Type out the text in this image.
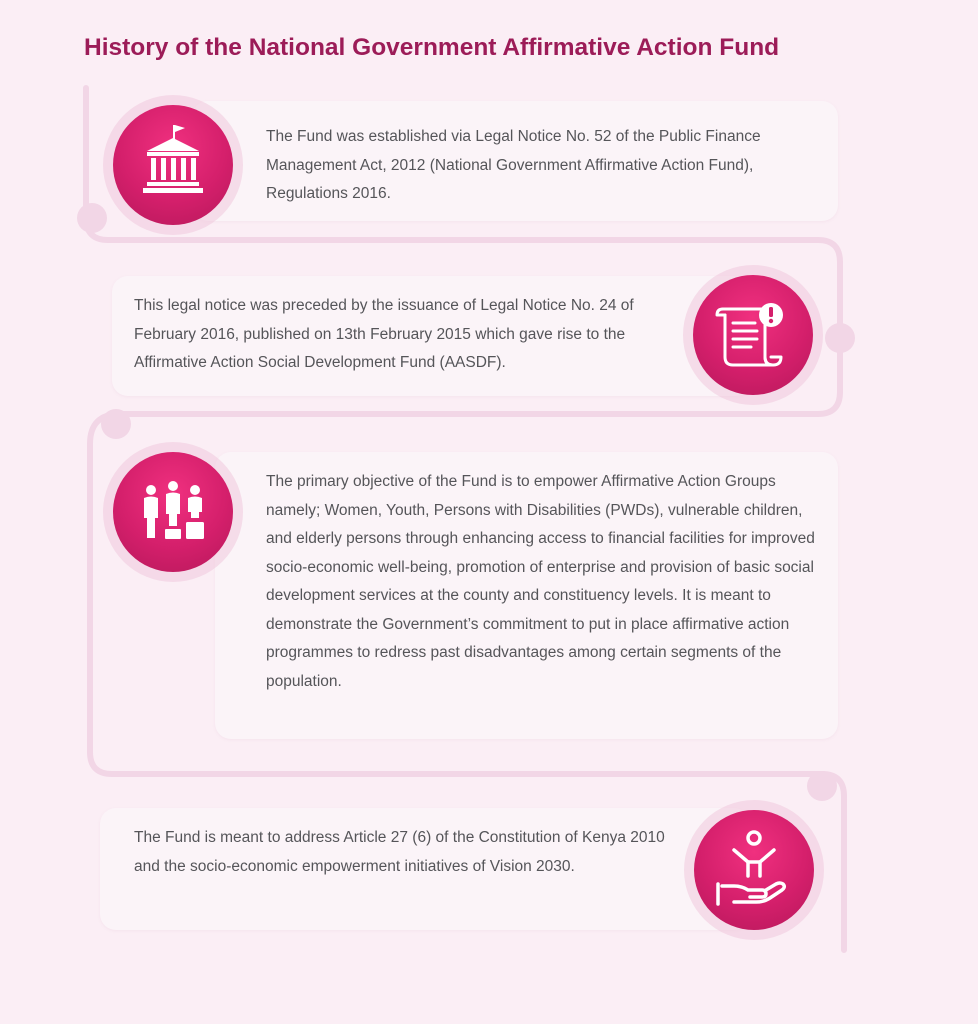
History of the National Government Affirmative Action Fund

The Fund was established via Legal Notice No. 52 of the Public Finance Management Act, 2012 (National Government Affirmative Action Fund), Regulations 2016.

This legal notice was preceded by the issuance of Legal Notice No. 24 of February 2016, published on 13th February 2015 which gave rise to the Affirmative Action Social Development Fund (AASDF).

The primary objective of the Fund is to empower Affirmative Action Groups namely; Women, Youth, Persons with Disabilities (PWDs), vulnerable children, and elderly persons through enhancing access to financial facilities for improved socio-economic well-being, promotion of enterprise and provision of basic social development services at the county and constituency levels. It is meant to demonstrate the Government’s commitment to put in place affirmative action programmes to redress past disadvantages among certain segments of the population.

The Fund is meant to address Article 27 (6) of the Constitution of Kenya 2010 and the socio-economic empowerment initiatives of Vision 2030.
